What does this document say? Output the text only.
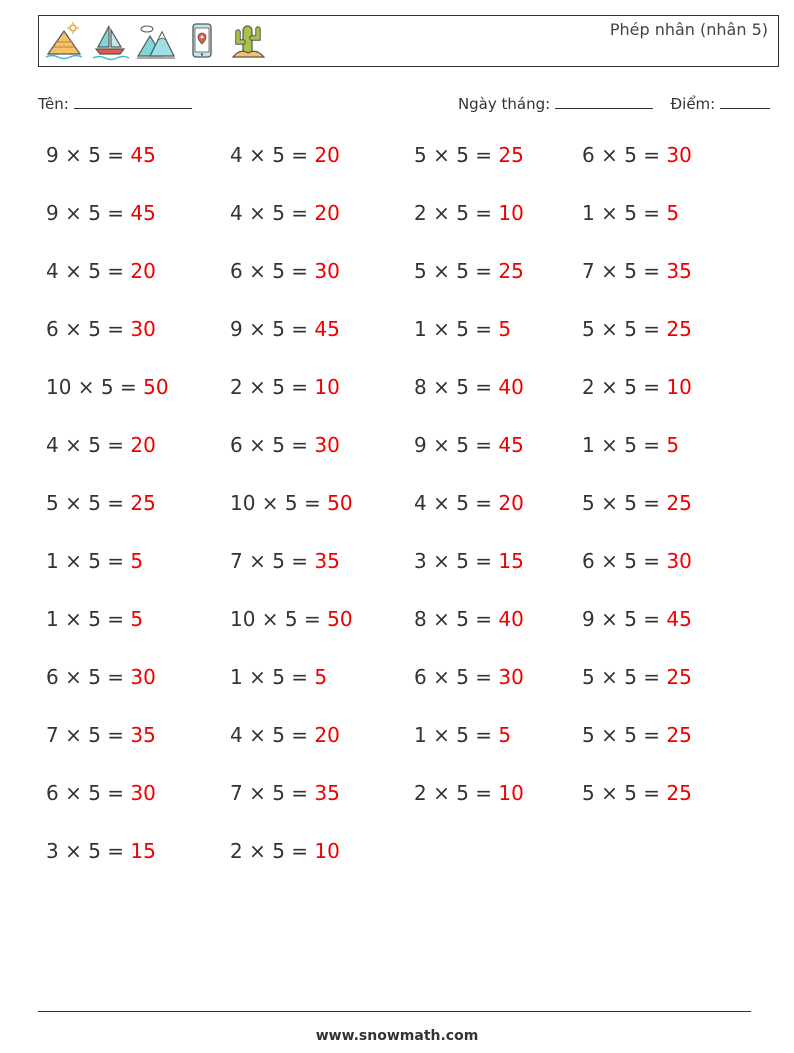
Phép nhân (nhân 5)
Tên:	Ngày tháng:	Điểm:
9 × 5 = 45	4 × 5 = 20	5 × 5 = 25	6 × 5 = 30
9 × 5 = 45	4 × 5 = 20	2 × 5 = 10	1 × 5 = 5
4 × 5 = 20	6 × 5 = 30	5 × 5 = 25	7 × 5 = 35
6 × 5 = 30	9 × 5 = 45	1 × 5 = 5	5 × 5 = 25
10 × 5 = 50	2 × 5 = 10	8 × 5 = 40	2 × 5 = 10
4 × 5 = 20	6 × 5 = 30	9 × 5 = 45	1 × 5 = 5
5 × 5 = 25	10 × 5 = 50	4 × 5 = 20	5 × 5 = 25
1 × 5 = 5	7 × 5 = 35	3 × 5 = 15	6 × 5 = 30
1 × 5 = 5	10 × 5 = 50	8 × 5 = 40	9 × 5 = 45
6 × 5 = 30	1 × 5 = 5	6 × 5 = 30	5 × 5 = 25
7 × 5 = 35	4 × 5 = 20	1 × 5 = 5	5 × 5 = 25
6 × 5 = 30	7 × 5 = 35	2 × 5 = 10	5 × 5 = 25
3 × 5 = 15	2 × 5 = 10
www.snowmath.com
